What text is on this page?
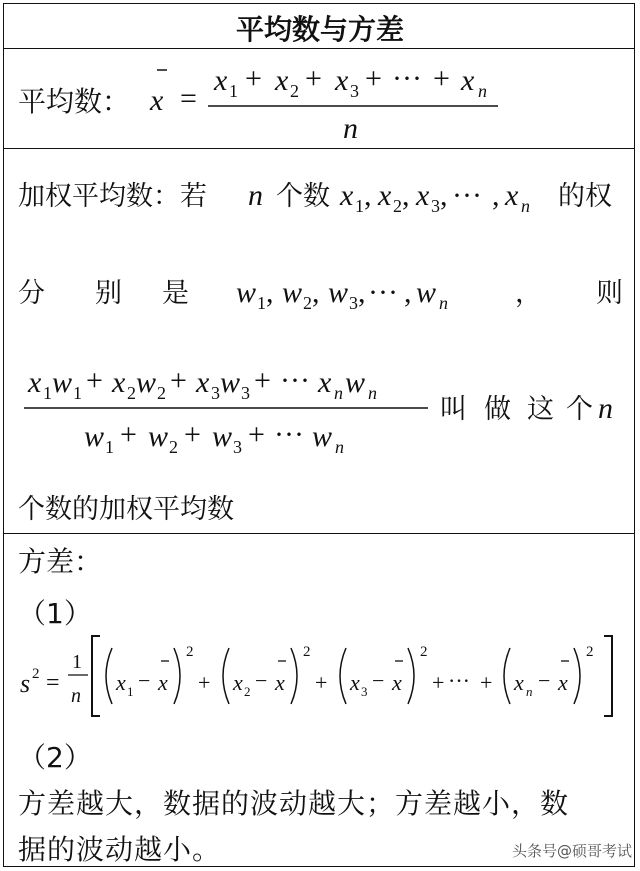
平均数与方差
平均数： x =
x 1 + x 2 + x 3 + ··· + x n
n
加权平均数：若	个数	的权
分 别 是	， 则
叫 做 这 个
个数的加权平均数
n	x 1 , x 2 , x 3 , ··· , x n
w 1 , w 2 , w 3 , ··· , w n
x 1 w 1 + x 2 w 2 + x 3 w 3 + ··· x n w n
w 1 + w 2 + w 3 + ··· w n
n
方差：
（1）
s 2 =
1
n
x 1 − x
2
+ x 2 − x
2
+ x 3 − x
2
+ ··· + x n − x
2
（2）
方差越大，数据的波动越大；方差越小，数
据的波动越小。	头条号@硕哥考试
